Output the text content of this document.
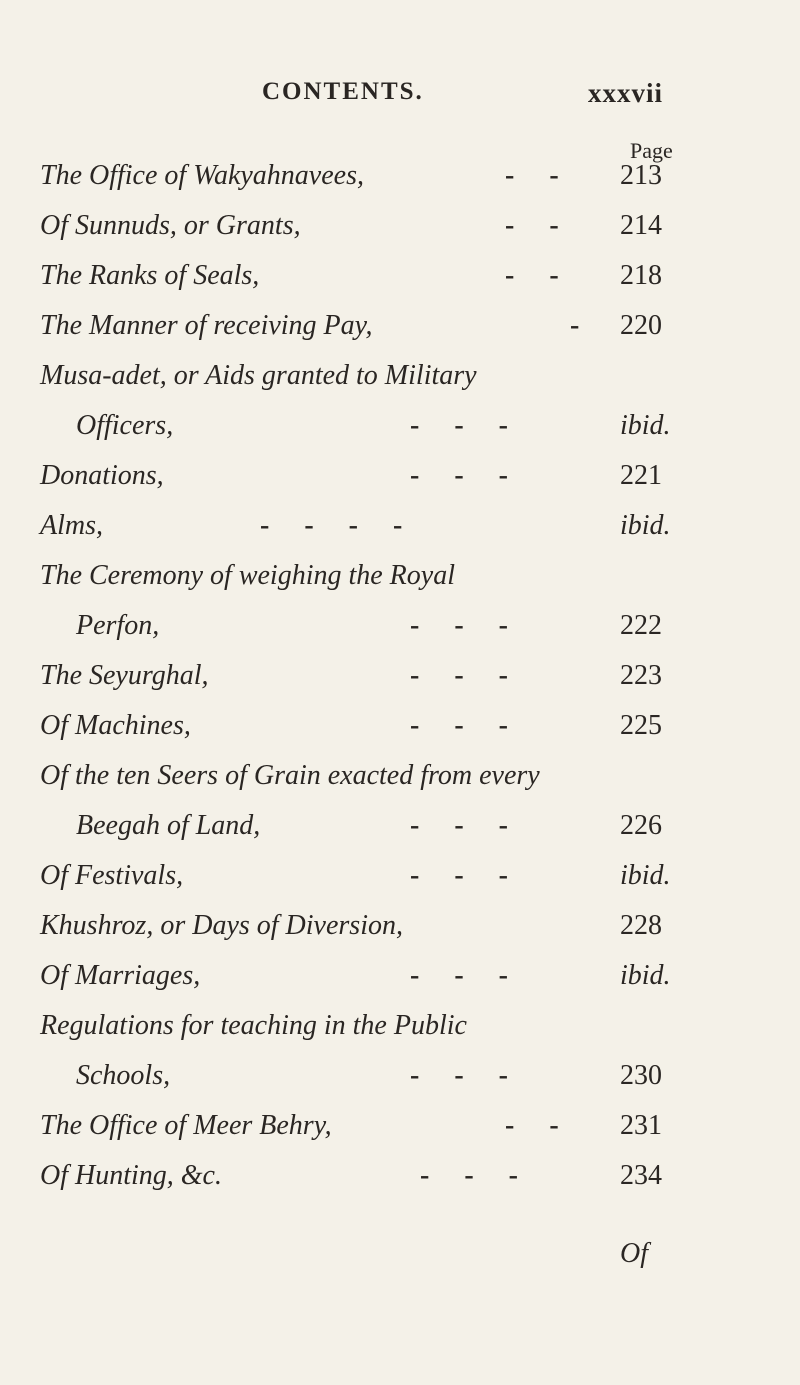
CONTENTS.	xxxvii
Page
The Office of Wakyahnavees,	- - 213
Of Sunnuds, or Grants,	- - 214
The Ranks of Seals,	- - 218
The Manner of receiving Pay,	- 220
Musa-adet, or Aids granted to Military
Officers,	- - -	ibid.
Donations,	- - -	221
Alms,	- - - -	ibid.
The Ceremony of weighing the Royal
Perfon,	- - -	222
The Seyurghal,	- - -	223
Of Machines,	- - -	225
Of the ten Seers of Grain exacted from every
Beegah of Land,	- - -	226
Of Festivals,	- - -	ibid.
Khushroz, or Days of Diversion,	228
Of Marriages,	- - -	ibid.
Regulations for teaching in the Public
Schools,	- - -	230
The Office of Meer Behry,	- - 231
Of Hunting, &c.	- - -	234
Of
